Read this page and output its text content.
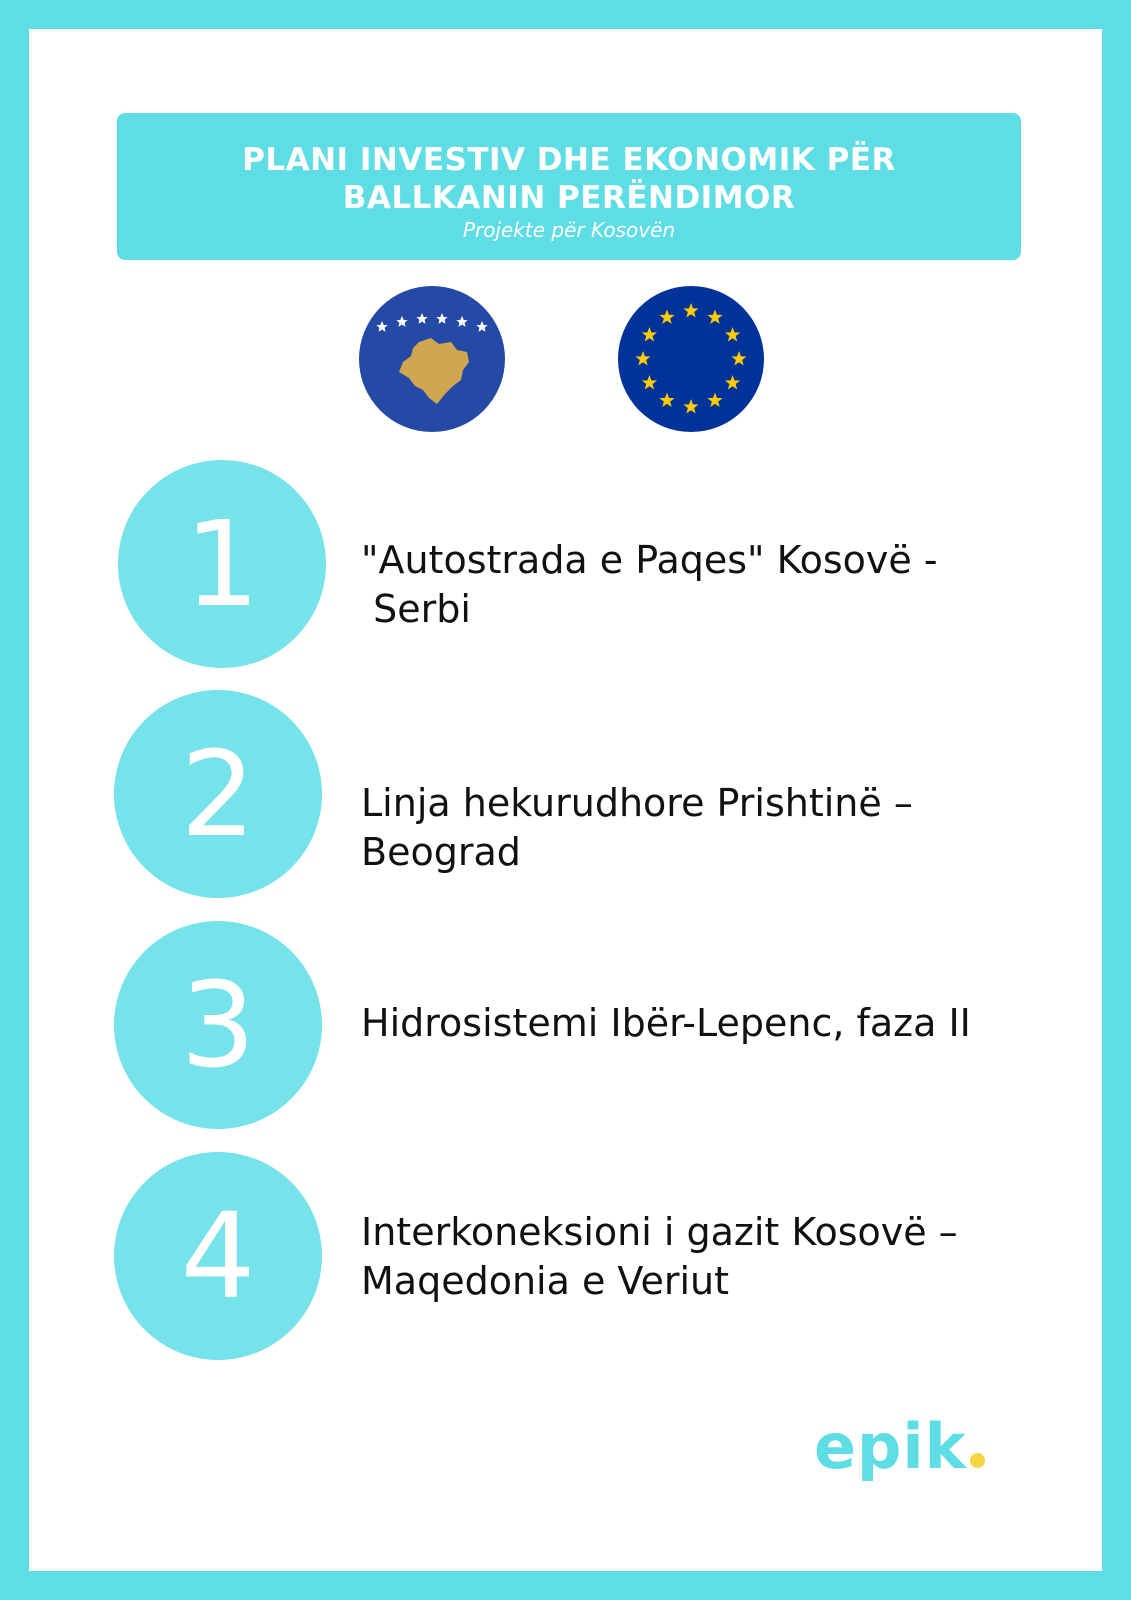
PLANI INVESTIV DHE EKONOMIK PËR BALLKANIN PERËNDIMOR
Projekte për Kosovën
1	"Autostrada e Paqes" Kosovë -
Serbi
2	Linja hekurudhore Prishtinë –
Beograd
3	Hidrosistemi Ibër-Lepenc, faza II
4	Interkoneksioni i gazit Kosovë –
Maqedonia e Veriut
epik
